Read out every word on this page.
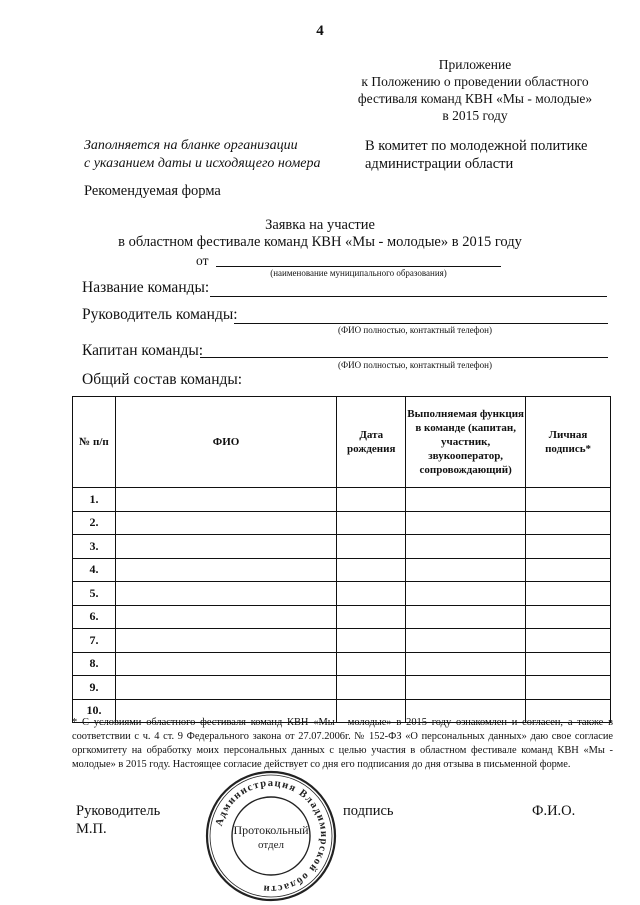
4
Приложение
к Положению о проведении областного
фестиваля команд КВН «Мы - молодые»
в 2015 году
Заполняется на бланке организации
с указанием даты и исходящего номера
В комитет по молодежной политике
администрации области
Рекомендуемая форма
Заявка на участие
в областном фестивале команд КВН «Мы - молодые» в 2015 году
от
(наименование муниципального образования)
Название команды:
Руководитель команды:
(ФИО полностью, контактный телефон)
Капитан команды:
(ФИО полностью, контактный телефон)
Общий состав команды:
№ п/п	ФИО	Дата рождения	Выполняемая функция в команде (капитан, участник, звукооператор, сопровождающий)	Личная подпись*
1.				
2.				
3.				
4.				
5.				
6.				
7.				
8.				
9.				
10.				
* С условиями областного фестиваля команд КВН «Мы - молодые» в 2015 году ознакомлен и согласен, а также в соответствии с ч. 4 ст. 9 Федерального закона от 27.07.2006г. № 152-ФЗ «О персональных данных» даю свое согласие оргкомитету на обработку моих персональных данных с целью участия в областном фестивале команд КВН «Мы - молодые» в 2015 году. Настоящее согласие действует со дня его подписания до дня отзыва в письменной форме.
Руководитель
М.П.
подпись	Ф.И.О.
Администрация Владимирской области
Протокольный
отдел
